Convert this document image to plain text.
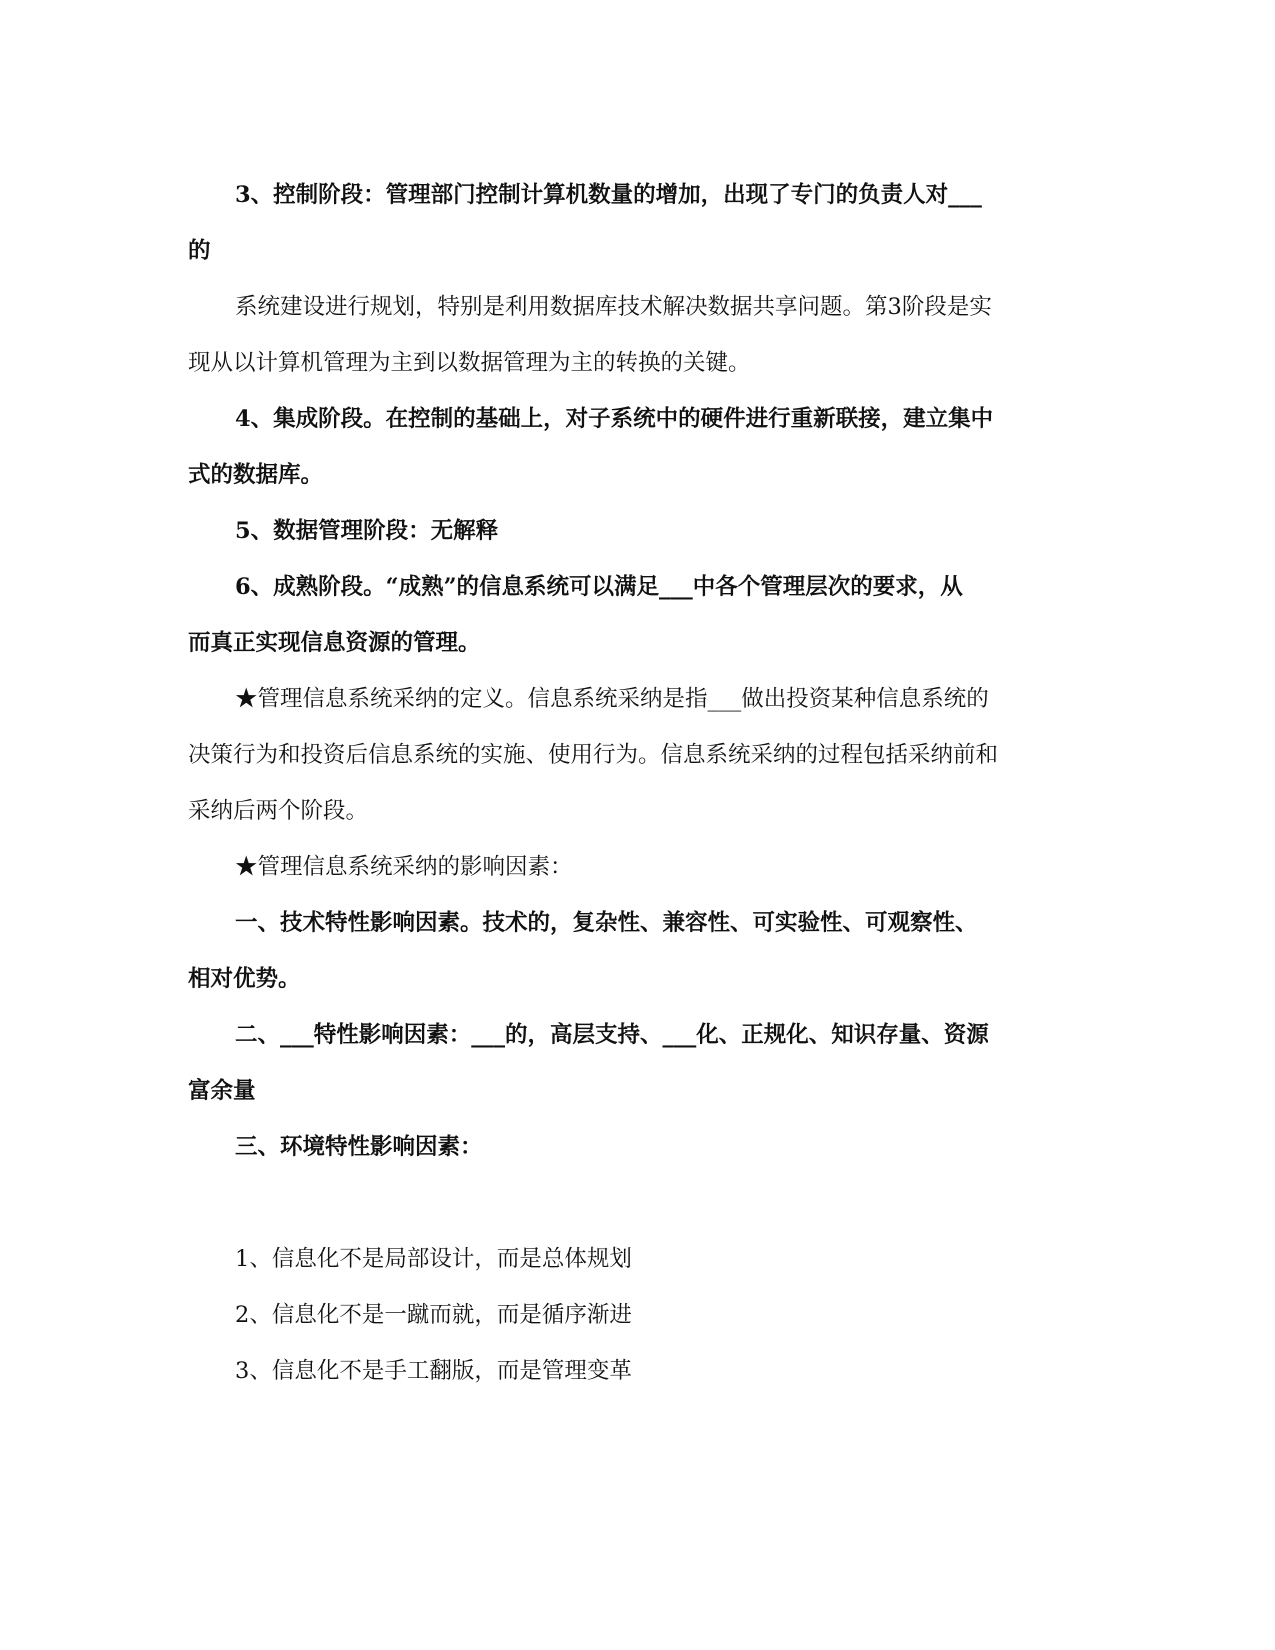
3、控制阶段：管理部门控制计算机数量的增加，出现了专门的负责人对___
的
系统建设进行规划，特别是利用数据库技术解决数据共享问题。第3阶段是实
现从以计算机管理为主到以数据管理为主的转换的关键。
4、集成阶段。在控制的基础上，对子系统中的硬件进行重新联接，建立集中
式的数据库。
5、数据管理阶段：无解释
6、成熟阶段。“成熟”的信息系统可以满足___中各个管理层次的要求，从
而真正实现信息资源的管理。
★管理信息系统采纳的定义。信息系统采纳是指___做出投资某种信息系统的
决策行为和投资后信息系统的实施、使用行为。信息系统采纳的过程包括采纳前和
采纳后两个阶段。
★管理信息系统采纳的影响因素：
一、技术特性影响因素。技术的，复杂性、兼容性、可实验性、可观察性、
相对优势。
二、___特性影响因素：___的，高层支持、___化、正规化、知识存量、资源
富余量
三、环境特性影响因素：
1、信息化不是局部设计，而是总体规划
2、信息化不是一蹴而就，而是循序渐进
3、信息化不是手工翻版，而是管理变革
